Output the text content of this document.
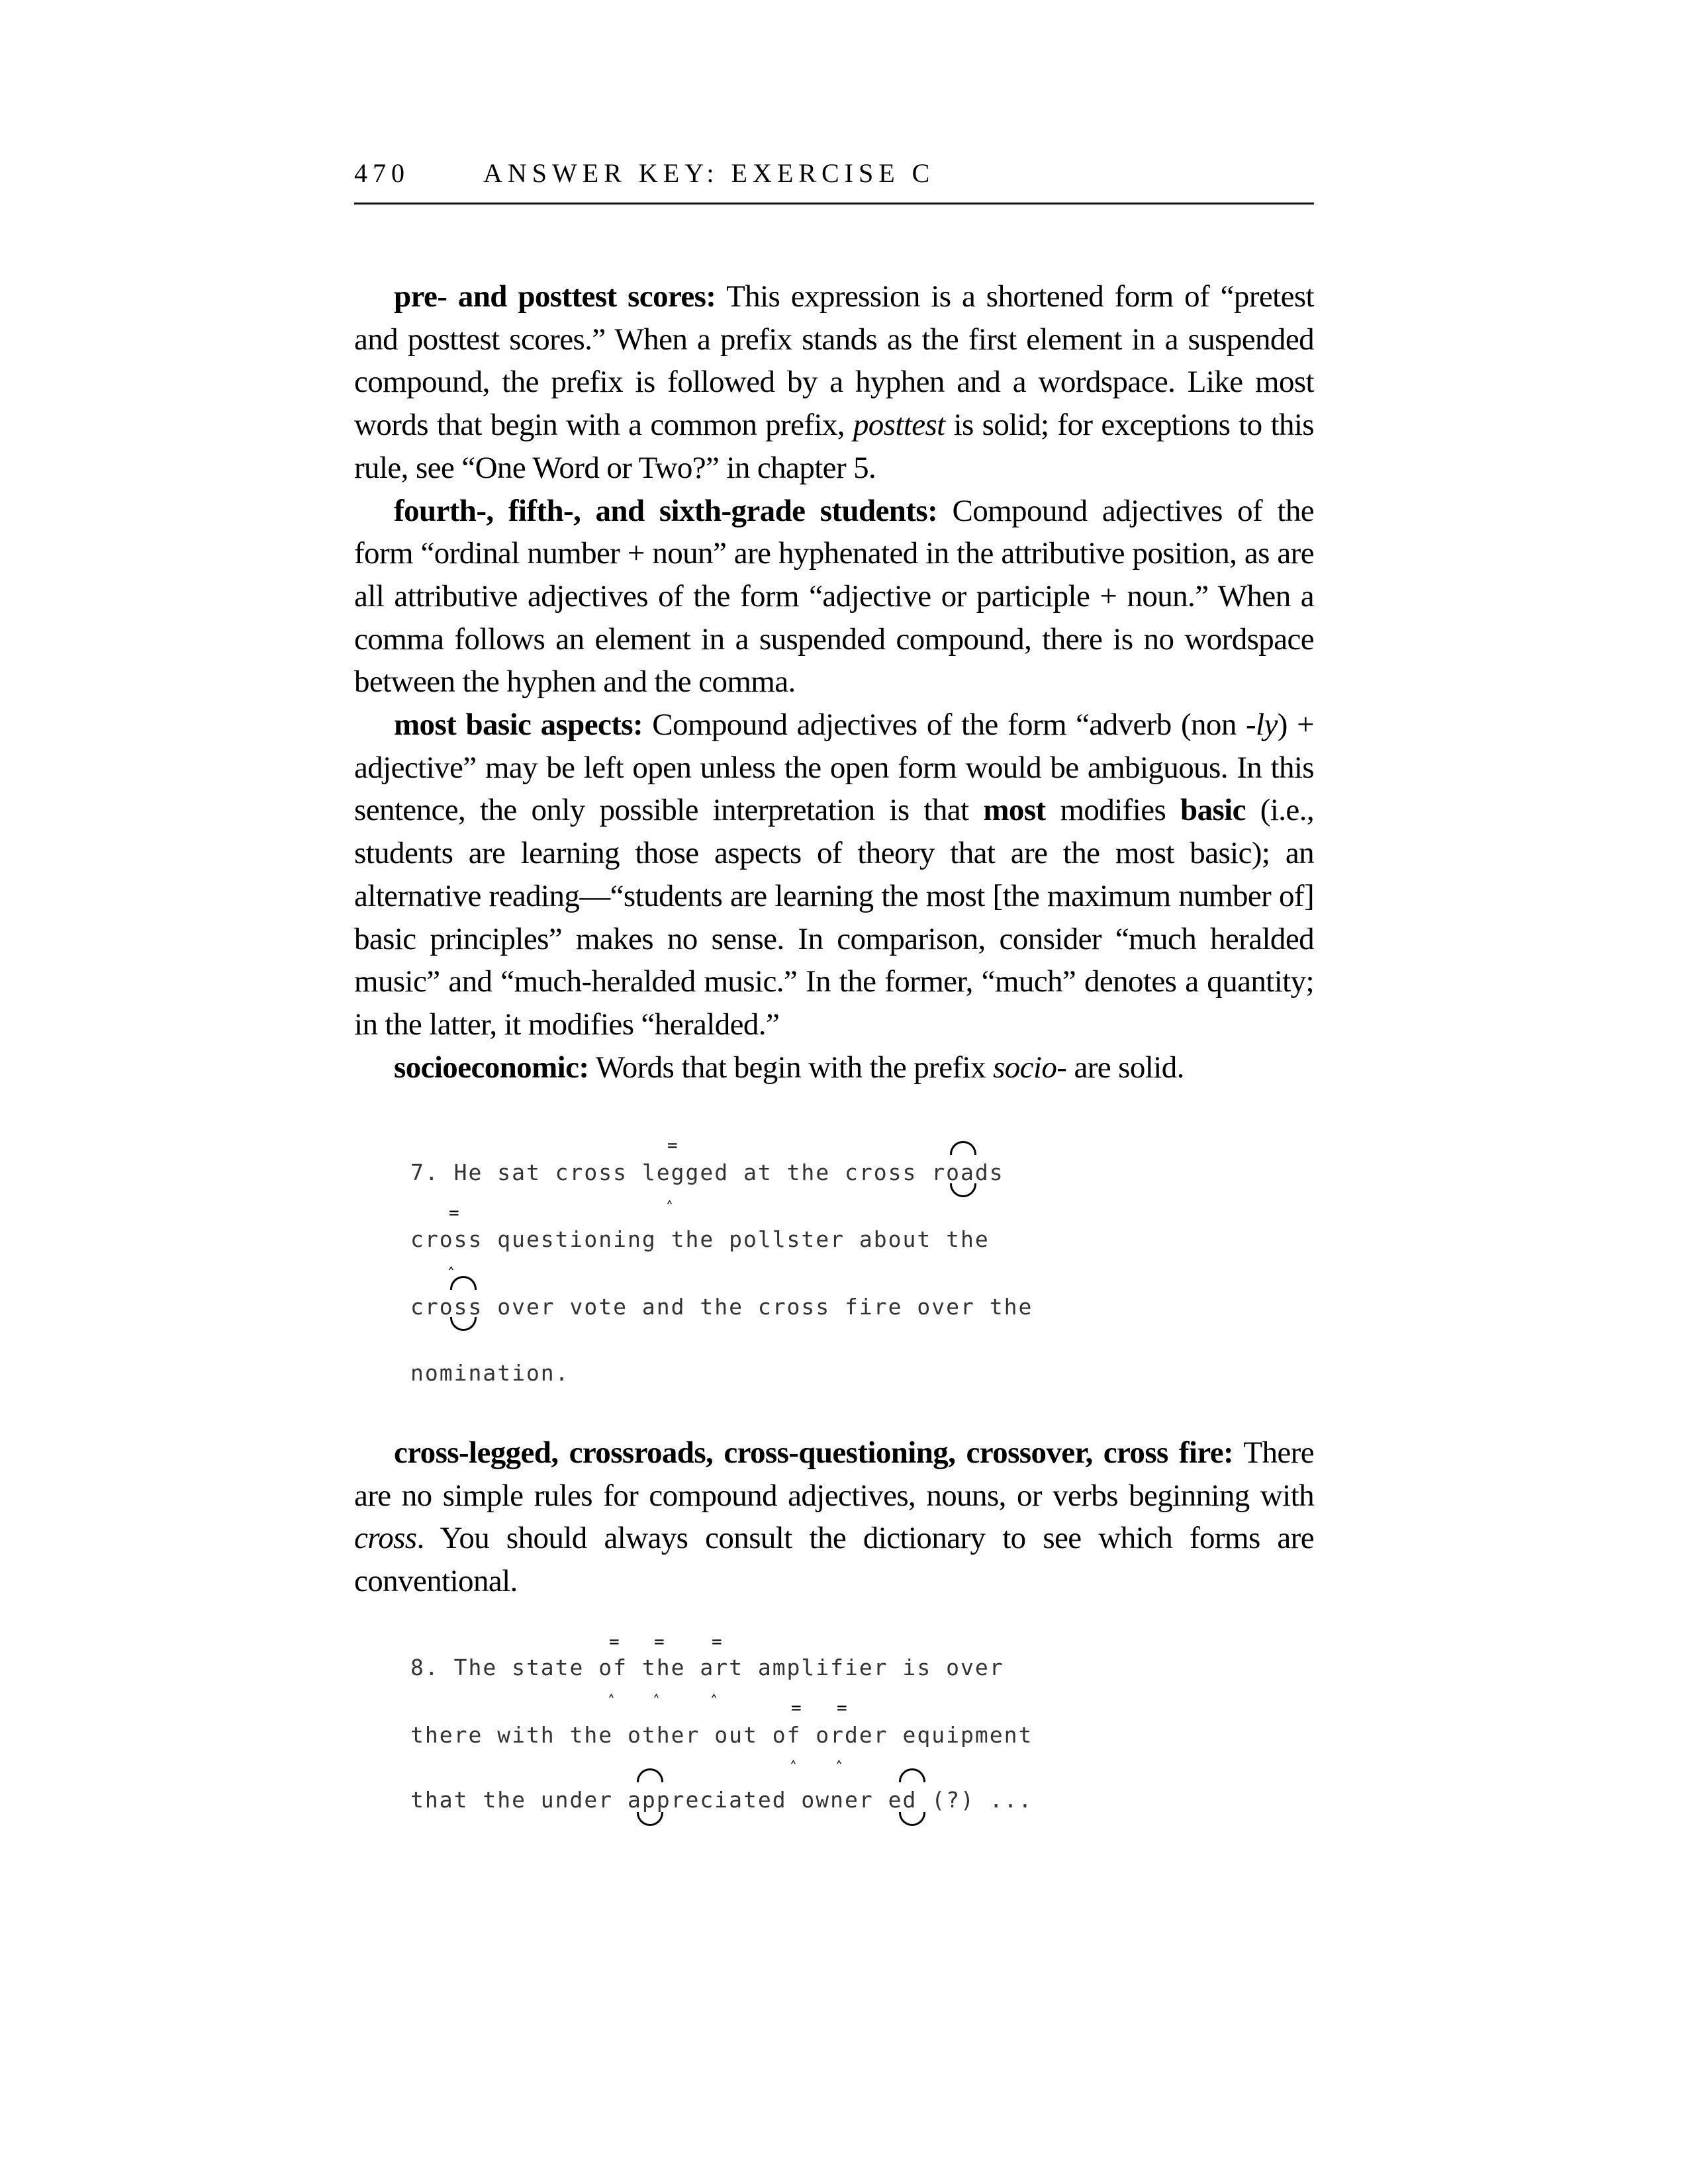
470	ANSWER KEY: EXERCISE C

pre- and posttest scores: This expression is a shortened form of “pretest and posttest scores.” When a prefix stands as the first element in a suspended compound, the prefix is followed by a hyphen and a wordspace. Like most words that begin with a common prefix, posttest is solid; for exceptions to this rule, see “One Word or Two?” in chapter 5.

fourth-, fifth-, and sixth-grade students: Compound adjectives of the form “ordinal number + noun” are hyphenated in the attributive position, as are all attributive adjectives of the form “adjective or participle + noun.” When a comma follows an element in a suspended compound, there is no wordspace between the hyphen and the comma.

most basic aspects: Compound adjectives of the form “adverb (non -ly) + adjective” may be left open unless the open form would be ambiguous. In this sentence, the only possible interpretation is that most modifies basic (i.e., students are learning those aspects of theory that are the most basic); an alternative reading—“students are learning the most [the maximum number of] basic principles” makes no sense. In comparison, consider “much heralded music” and “much-heralded music.” In the former, “much” denotes a quantity; in the latter, it modifies “heralded.”

socioeconomic: Words that begin with the prefix socio- are solid.

7. He sat cross legged at the cross roads
cross questioning the pollster about the
cross over vote and the cross fire over the
nomination.
=
‸
=
‸

cross-legged, crossroads, cross-questioning, crossover, cross fire: There are no simple rules for compound adjectives, nouns, or verbs beginning with cross. You should always consult the dictionary to see which forms are conventional.

8. The state of the art amplifier is over
there with the other out of order equipment
that the under appreciated owner ed (?) ...
= =	=
‸ ‸	‸
= =
‸ ‸
